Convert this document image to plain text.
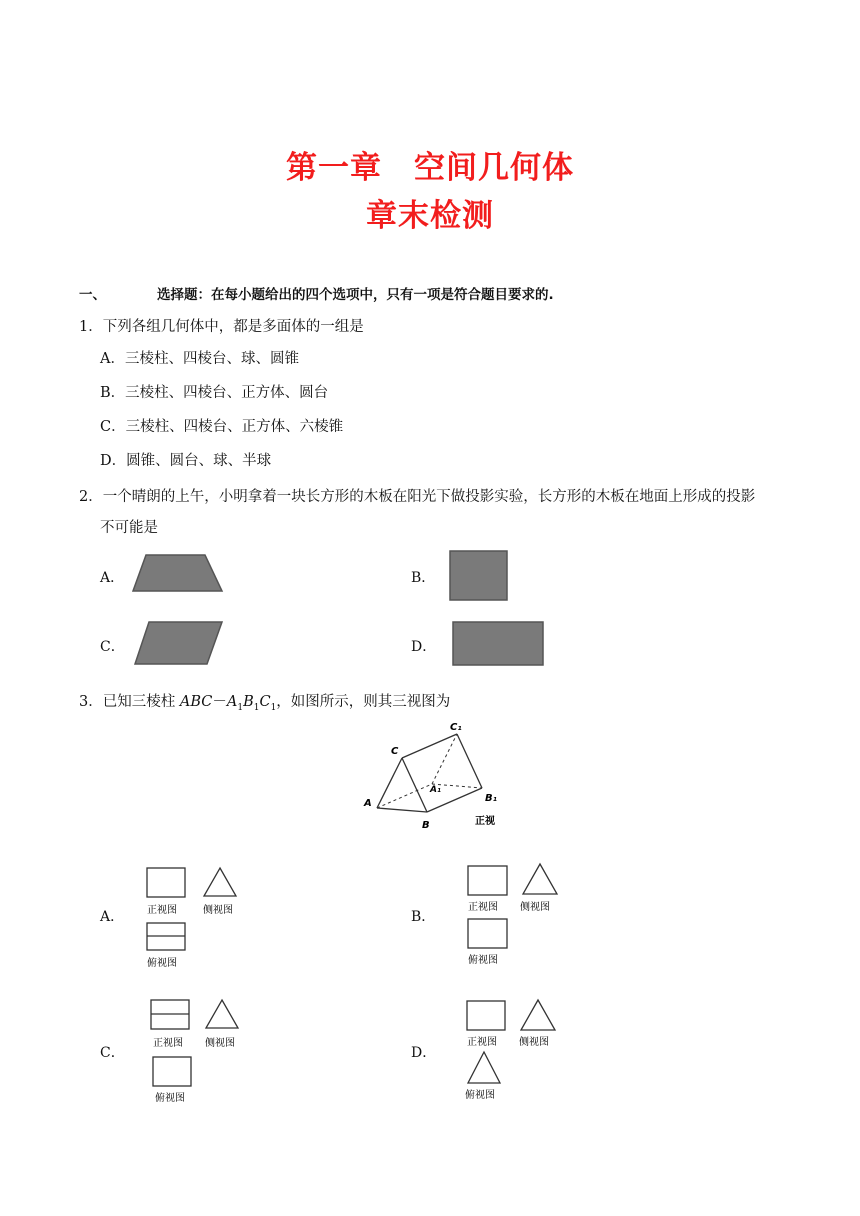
第一章　空间几何体
章末检测
一、	选择题：在每小题给出的四个选项中，只有一项是符合题目要求的.
1．下列各组几何体中，都是多面体的一组是
A．三棱柱、四棱台、球、圆锥
B．三棱柱、四棱台、正方体、圆台
C．三棱柱、四棱台、正方体、六棱锥
D．圆锥、圆台、球、半球
2．一个晴朗的上午，小明拿着一块长方形的木板在阳光下做投影实验，长方形的木板在地面上形成的投影
不可能是
A．	B．
C．	D．
3．已知三棱柱 $ABC-A_1B_1C_1$，如图所示，则其三视图为
C
C₁
A
A₁
B
B₁
正视
A． 正视图	侧视图
俯视图
B．
正视图 侧视图
俯视图
C．
正视图 侧视图
俯视图
D．
正视图 侧视图
俯视图
